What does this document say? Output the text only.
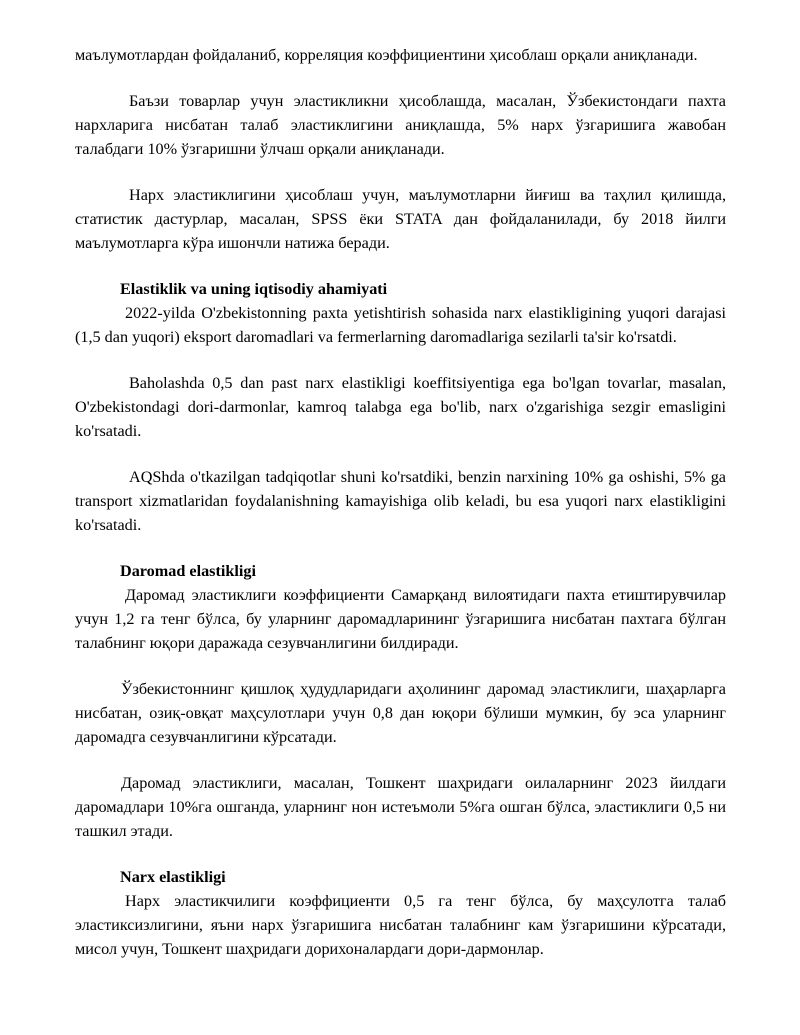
маълумотлардан фойдаланиб, корреляция коэффициентини ҳисоблаш орқали аниқланади.

Баъзи товарлар учун эластикликни ҳисоблашда, масалан, Ўзбекистондаги пахта нархларига нисбатан талаб эластиклигини аниқлашда, 5% нарх ўзгаришига жавобан талабдаги 10% ўзгаришни ўлчаш орқали аниқланади.

Нарх эластиклигини ҳисоблаш учун, маълумотларни йиғиш ва таҳлил қилишда, статистик дастурлар, масалан, SPSS ёки STATA дан фойдаланилади, бу 2018 йилги маълумотларга кўра ишончли натижа беради.

Elastiklik va uning iqtisodiy ahamiyati

2022-yilda O'zbekistonning paxta yetishtirish sohasida narx elastikligining yuqori darajasi (1,5 dan yuqori) eksport daromadlari va fermerlarning daromadlariga sezilarli ta'sir ko'rsatdi.

Baholashda 0,5 dan past narx elastikligi koeffitsiyentiga ega bo'lgan tovarlar, masalan, O'zbekistondagi dori-darmonlar, kamroq talabga ega bo'lib, narx o'zgarishiga sezgir emasligini ko'rsatadi.

AQShda o'tkazilgan tadqiqotlar shuni ko'rsatdiki, benzin narxining 10% ga oshishi, 5% ga transport xizmatlaridan foydalanishning kamayishiga olib keladi, bu esa yuqori narx elastikligini ko'rsatadi.

Daromad elastikligi

Даромад эластиклиги коэффициенти Самарқанд вилоятидаги пахта етиштирувчилар учун 1,2 га тенг бўлса, бу уларнинг даромадларининг ўзгаришига нисбатан пахтага бўлган талабнинг юқори даражада сезувчанлигини билдиради.

Ўзбекистоннинг қишлоқ ҳудудларидаги аҳолининг даромад эластиклиги, шаҳарларга нисбатан, озиқ-овқат маҳсулотлари учун 0,8 дан юқори бўлиши мумкин, бу эса уларнинг даромадга сезувчанлигини кўрсатади.

Даромад эластиклиги, масалан, Тошкент шаҳридаги оилаларнинг 2023 йилдаги даромадлари 10%га ошганда, уларнинг нон истеъмоли 5%га ошган бўлса, эластиклиги 0,5 ни ташкил этади.

Narx elastikligi

Нарх эластикчилиги коэффициенти 0,5 га тенг бўлса, бу маҳсулотга талаб эластиксизлигини, яъни нарх ўзгаришига нисбатан талабнинг кам ўзгаришини кўрсатади, мисол учун, Тошкент шаҳридаги дорихоналардаги дори-дармонлар.
